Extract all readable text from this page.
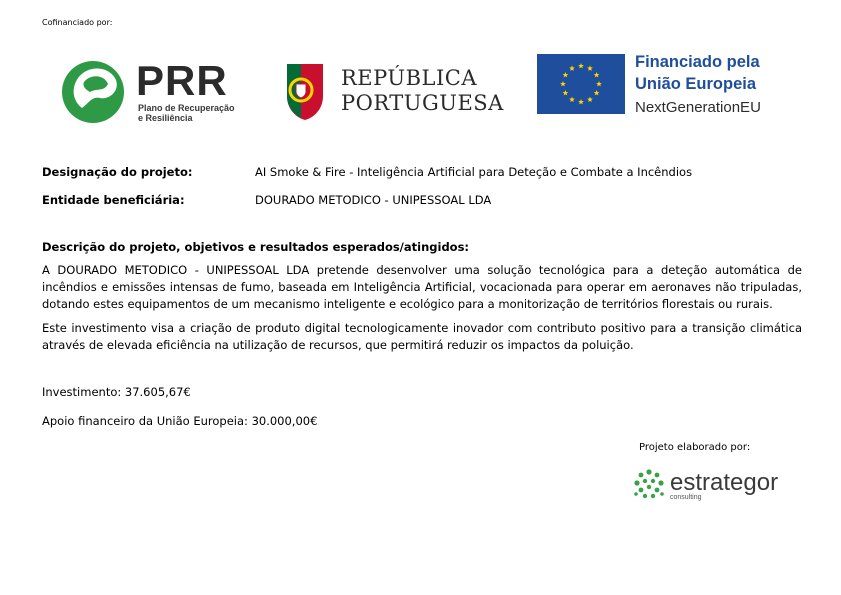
Cofinanciado por:
PRR
Plano de Recuperação
e Resiliência
REPÚBLICA
PORTUGUESA
Financiado pela
União Europeia
NextGenerationEU
Designação do projeto:	AI Smoke & Fire - Inteligência Artificial para Deteção e Combate a Incêndios
Entidade beneficiária:	DOURADO METODICO - UNIPESSOAL LDA
Descrição do projeto, objetivos e resultados esperados/atingidos:
A DOURADO METODICO - UNIPESSOAL LDA pretende desenvolver uma solução tecnológica para a deteção automática de incêndios e emissões intensas de fumo, baseada em Inteligência Artificial, vocacionada para operar em aeronaves não tripuladas, dotando estes equipamentos de um mecanismo inteligente e ecológico para a monitorização de territórios florestais ou rurais.
Este investimento visa a criação de produto digital tecnologicamente inovador com contributo positivo para a transição climática através de elevada eficiência na utilização de recursos, que permitirá reduzir os impactos da poluição.
Investimento: 37.605,67€
Apoio financeiro da União Europeia: 30.000,00€
Projeto elaborado por:
estrategor
consulting
